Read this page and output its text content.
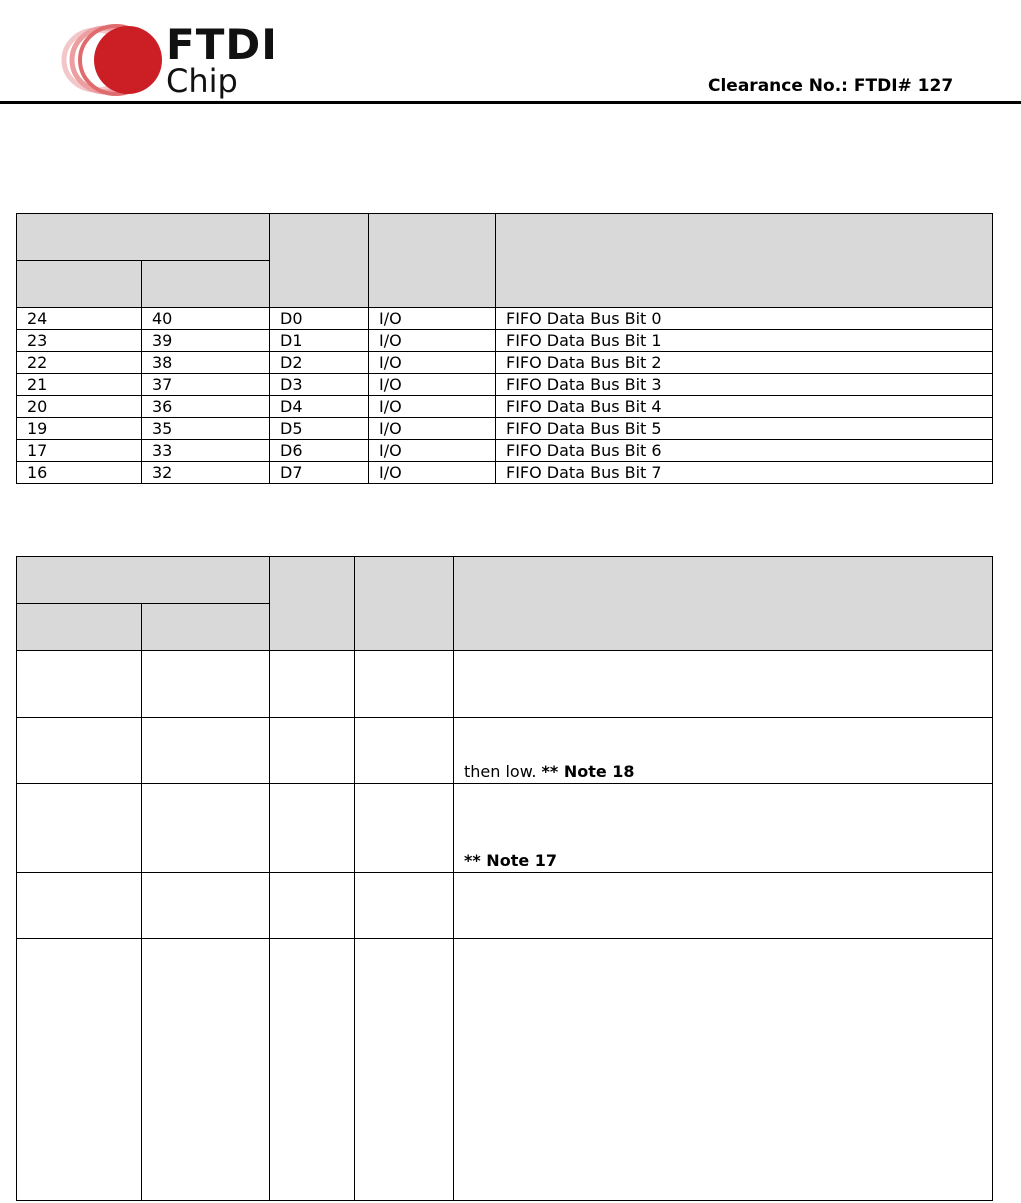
FTDI
Chip	Clearance No.: FTDI# 127

24	40	D0	I/O	FIFO Data Bus Bit 0
23	39	D1	I/O	FIFO Data Bus Bit 1
22	38	D2	I/O	FIFO Data Bus Bit 2
21	37	D3	I/O	FIFO Data Bus Bit 3
20	36	D4	I/O	FIFO Data Bus Bit 4
19	35	D5	I/O	FIFO Data Bus Bit 5
17	33	D6	I/O	FIFO Data Bus Bit 6
16	32	D7	I/O	FIFO Data Bus Bit 7

				then low. ** Note 18
				** Note 17
